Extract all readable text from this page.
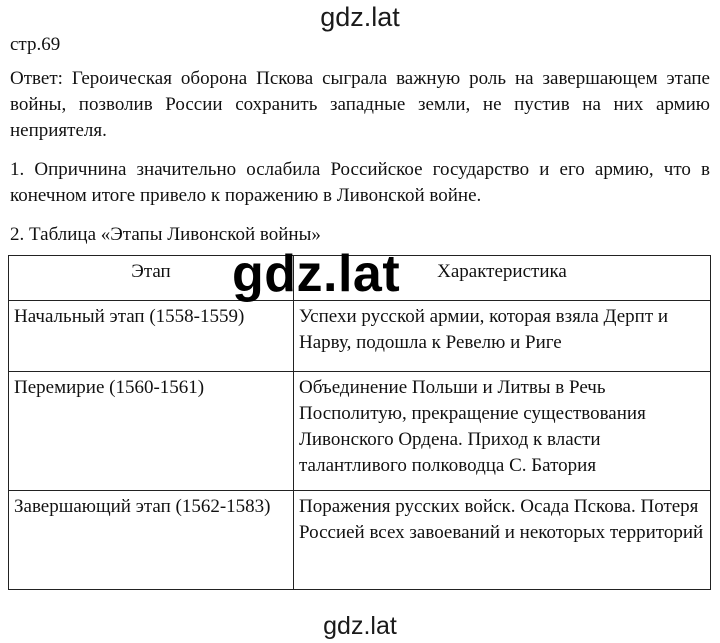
gdz.lat
стр.69
Ответ: Героическая оборона Пскова сыграла важную роль на завершающем этапе войны, позволив России сохранить западные земли, не пустив на них армию неприятеля.
1. Опричнина значительно ослабила Российское государство и его армию, что в конечном итоге привело к поражению в Ливонской войне.
2. Таблица «Этапы Ливонской войны»
Этап	Характеристика
Начальный этап (1558-1559)	Успехи русской армии, которая взяла Дерпт и Нарву, подошла к Ревелю и Риге
Перемирие (1560-1561)	Объединение Польши и Литвы в Речь Посполитую, прекращение существования Ливонского Ордена. Приход к власти талантливого полководца С. Батория
Завершающий этап (1562-1583)	Поражения русских войск. Осада Пскова. Потеря Россией всех завоеваний и некоторых территорий
gdz.lat
gdz.lat
